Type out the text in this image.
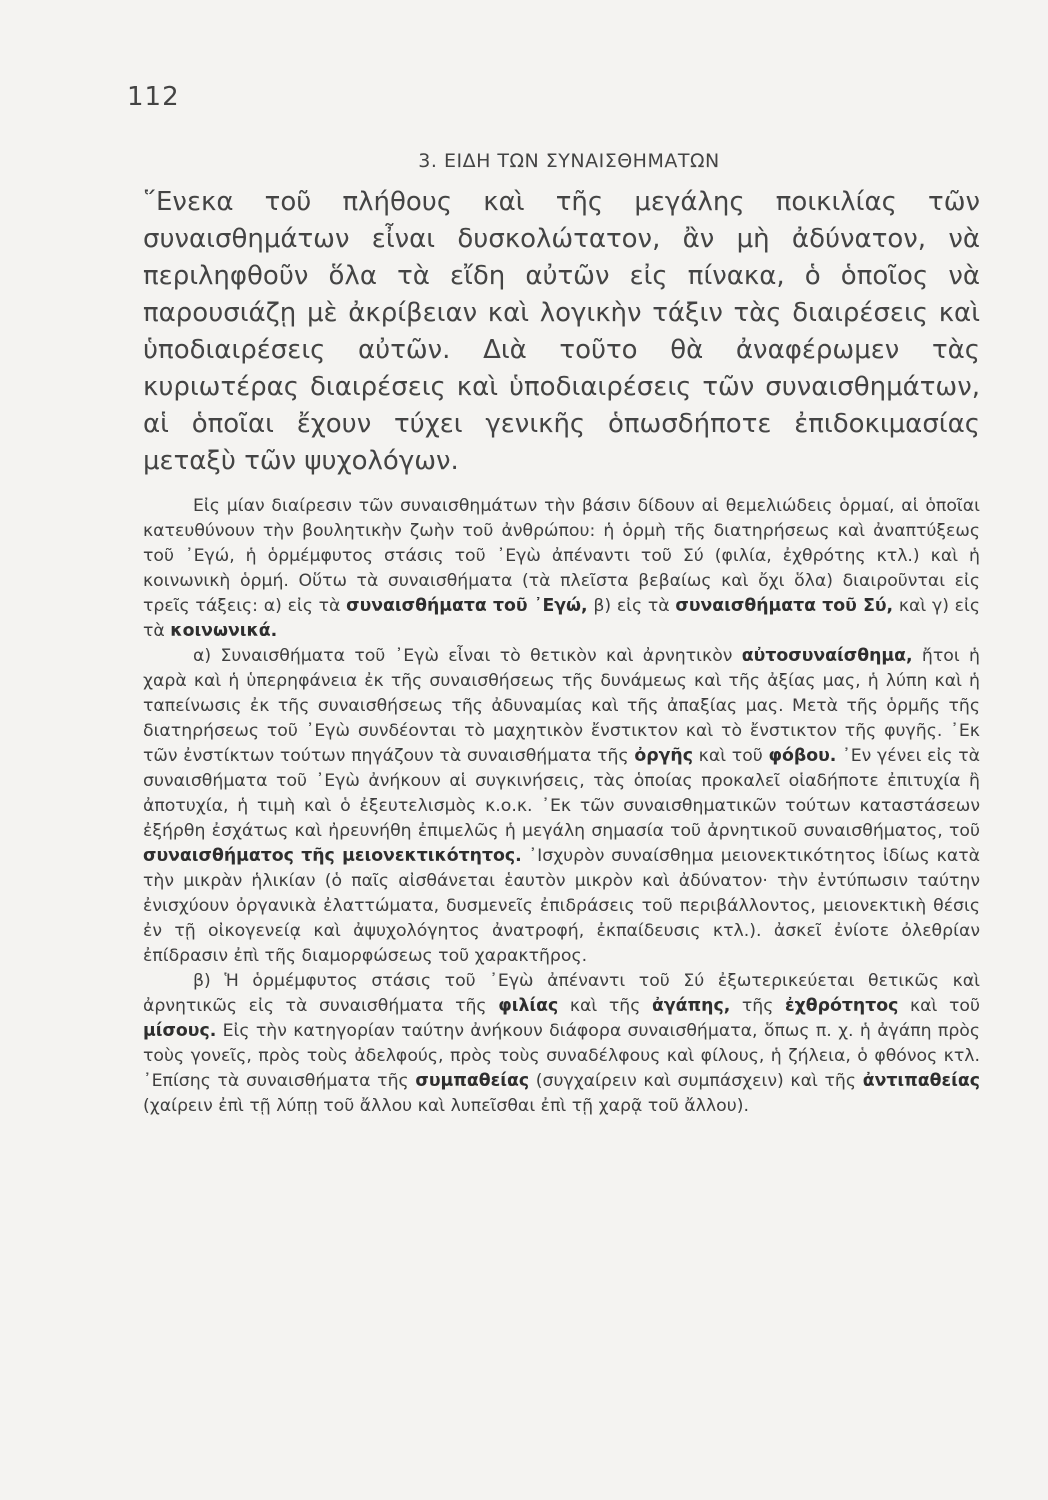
112
3. ΕΙΔΗ ΤΩΝ ΣΥΝΑΙΣΘΗΜΑΤΩΝ

῞Ενεκα τοῦ πλήθους καὶ τῆς μεγάλης ποικιλίας τῶν συναισθημάτων εἶναι δυσκολώτατον, ἂν μὴ ἀδύνατον, νὰ περιληφθοῦν ὅλα τὰ εἴδη αὐτῶν εἰς πίνακα, ὁ ὁποῖος νὰ παρουσιάζῃ μὲ ἀκρίβειαν καὶ λογικὴν τάξιν τὰς διαιρέσεις καὶ ὑποδιαιρέσεις αὐτῶν. Διὰ τοῦτο θὰ ἀναφέρωμεν τὰς κυριωτέρας διαιρέσεις καὶ ὑποδιαιρέσεις τῶν συναισθημάτων, αἱ ὁποῖαι ἔχουν τύχει γενικῆς ὁπωσδήποτε ἐπιδοκιμασίας μεταξὺ τῶν ψυχολόγων.

Εἰς μίαν διαίρεσιν τῶν συναισθημάτων τὴν βάσιν δίδουν αἱ θεμελιώδεις ὁρμαί, αἱ ὁποῖαι κατευθύνουν τὴν βουλητικὴν ζωὴν τοῦ ἀνθρώπου: ἡ ὁρμὴ τῆς διατηρήσεως καὶ ἀναπτύξεως τοῦ ᾿Εγώ, ἡ ὁρμέμφυτος στάσις τοῦ ᾿Εγὼ ἀπέναντι τοῦ Σύ (φιλία, ἐχθρότης κτλ.) καὶ ἡ κοινωνικὴ ὁρμή. Οὕτω τὰ συναισθήματα (τὰ πλεῖστα βεβαίως καὶ ὄχι ὅλα) διαιροῦνται εἰς τρεῖς τάξεις: α) εἰς τὰ συναισθήματα τοῦ ᾿Εγώ, β) εἰς τὰ συναισθήματα τοῦ Σύ, καὶ γ) εἰς τὰ κοινωνικά.

α) Συναισθήματα τοῦ ᾿Εγὼ εἶναι τὸ θετικὸν καὶ ἀρνητικὸν αὐτοσυναίσθημα, ἤτοι ἡ χαρὰ καὶ ἡ ὑπερηφάνεια ἐκ τῆς συναισθήσεως τῆς δυνάμεως καὶ τῆς ἀξίας μας, ἡ λύπη καὶ ἡ ταπείνωσις ἐκ τῆς συναισθήσεως τῆς ἀδυναμίας καὶ τῆς ἀπαξίας μας. Μετὰ τῆς ὁρμῆς τῆς διατηρήσεως τοῦ ᾿Εγὼ συνδέονται τὸ μαχητικὸν ἔνστικτον καὶ τὸ ἔνστικτον τῆς φυγῆς. ᾿Εκ τῶν ἐνστίκτων τούτων πηγάζουν τὰ συναισθήματα τῆς ὀργῆς καὶ τοῦ φόβου. ᾿Εν γένει εἰς τὰ συναισθήματα τοῦ ᾿Εγὼ ἀνήκουν αἱ συγκινήσεις, τὰς ὁποίας προκαλεῖ οἱαδήποτε ἐπιτυχία ἢ ἀποτυχία, ἡ τιμὴ καὶ ὁ ἐξευτελισμὸς κ.ο.κ. ᾿Εκ τῶν συναισθηματικῶν τούτων καταστάσεων ἐξήρθη ἐσχάτως καὶ ἠρευνήθη ἐπιμελῶς ἡ μεγάλη σημασία τοῦ ἀρνητικοῦ συναισθήματος, τοῦ συναισθήματος τῆς μειονεκτικότητος. ᾿Ισχυρὸν συναίσθημα μειονεκτικότητος ἰδίως κατὰ τὴν μικρὰν ἡλικίαν (ὁ παῖς αἰσθάνεται ἑαυτὸν μικρὸν καὶ ἀδύνατον· τὴν ἐντύπωσιν ταύτην ἐνισχύουν ὀργανικὰ ἐλαττώματα, δυσμενεῖς ἐπιδράσεις τοῦ περιβάλλοντος, μειονεκτικὴ θέσις ἐν τῇ οἰκογενείᾳ καὶ ἀψυχολόγητος ἀνατροφή, ἐκπαίδευσις κτλ.). ἀσκεῖ ἐνίοτε ὀλεθρίαν ἐπίδρασιν ἐπὶ τῆς διαμορφώσεως τοῦ χαρακτῆρος.

β) Ἡ ὁρμέμφυτος στάσις τοῦ ᾿Εγὼ ἀπέναντι τοῦ Σύ ἐξωτερικεύεται θετικῶς καὶ ἀρνητικῶς εἰς τὰ συναισθήματα τῆς φιλίας καὶ τῆς ἀγάπης, τῆς ἐχθρότητος καὶ τοῦ μίσους. Εἰς τὴν κατηγορίαν ταύτην ἀνήκουν διάφορα συναισθήματα, ὅπως π. χ. ἡ ἀγάπη πρὸς τοὺς γονεῖς, πρὸς τοὺς ἀδελφούς, πρὸς τοὺς συναδέλφους καὶ φίλους, ἡ ζήλεια, ὁ φθόνος κτλ. ᾿Επίσης τὰ συναισθήματα τῆς συμπαθείας (συγχαίρειν καὶ συμπάσχειν) καὶ τῆς ἀντιπαθείας (χαίρειν ἐπὶ τῇ λύπῃ τοῦ ἄλλου καὶ λυπεῖσθαι ἐπὶ τῇ χαρᾷ τοῦ ἄλλου).
